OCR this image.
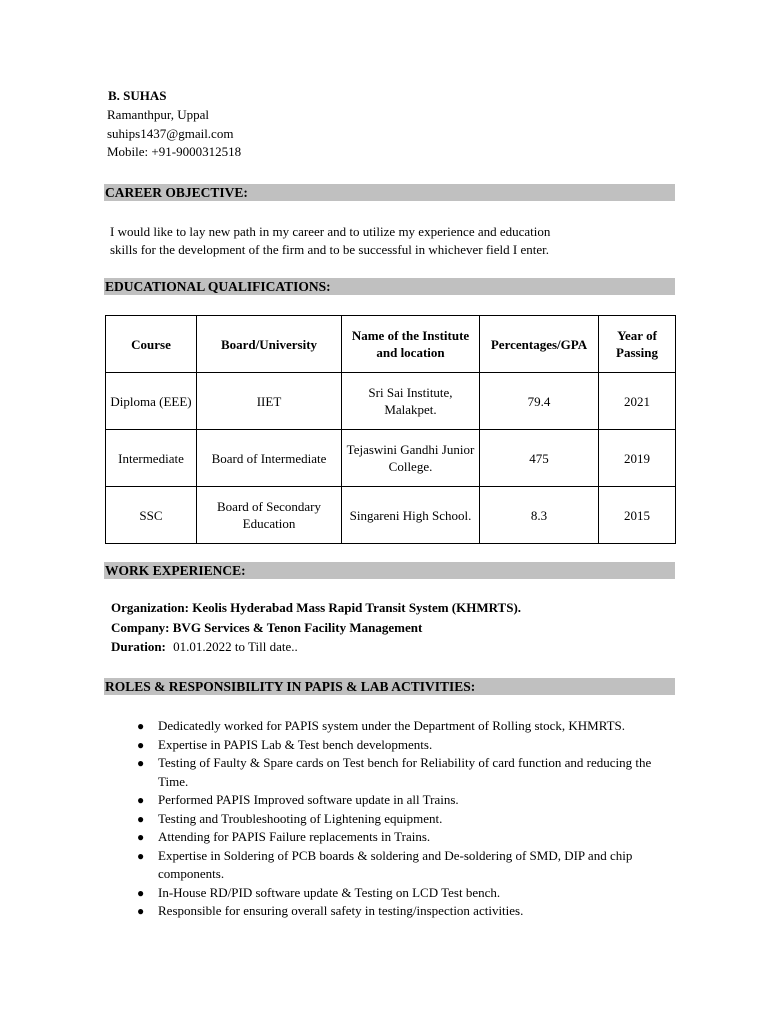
B. SUHAS
Ramanthpur, Uppal
suhips1437@gmail.com
Mobile: +91-9000312518
CAREER OBJECTIVE:
I would like to lay new path in my career and to utilize my experience and education
skills for the development of the firm and to be successful in whichever field I enter.
EDUCATIONAL QUALIFICATIONS:
Course	Board/University	Name of the Institute and location	Percentages/GPA	Year of Passing
Diploma (EEE)	IIET	Sri Sai Institute, Malakpet.	79.4	2021
Intermediate	Board of Intermediate	Tejaswini Gandhi Junior College.	475	2019
SSC	Board of Secondary Education	Singareni High School.	8.3	2015
WORK EXPERIENCE:
Organization: Keolis Hyderabad Mass Rapid Transit System (KHMRTS).
Company: BVG Services & Tenon Facility Management
Duration: 01.01.2022 to Till date..
ROLES & RESPONSIBILITY IN PAPIS & LAB ACTIVITIES:
● Dedicatedly worked for PAPIS system under the Department of Rolling stock, KHMRTS.
● Expertise in PAPIS Lab & Test bench developments.
● Testing of Faulty & Spare cards on Test bench for Reliability of card function and reducing the Time.
● Performed PAPIS Improved software update in all Trains.
● Testing and Troubleshooting of Lightening equipment.
● Attending for PAPIS Failure replacements in Trains.
● Expertise in Soldering of PCB boards & soldering and De-soldering of SMD, DIP and chip components.
● In-House RD/PID software update & Testing on LCD Test bench.
● Responsible for ensuring overall safety in testing/inspection activities.
